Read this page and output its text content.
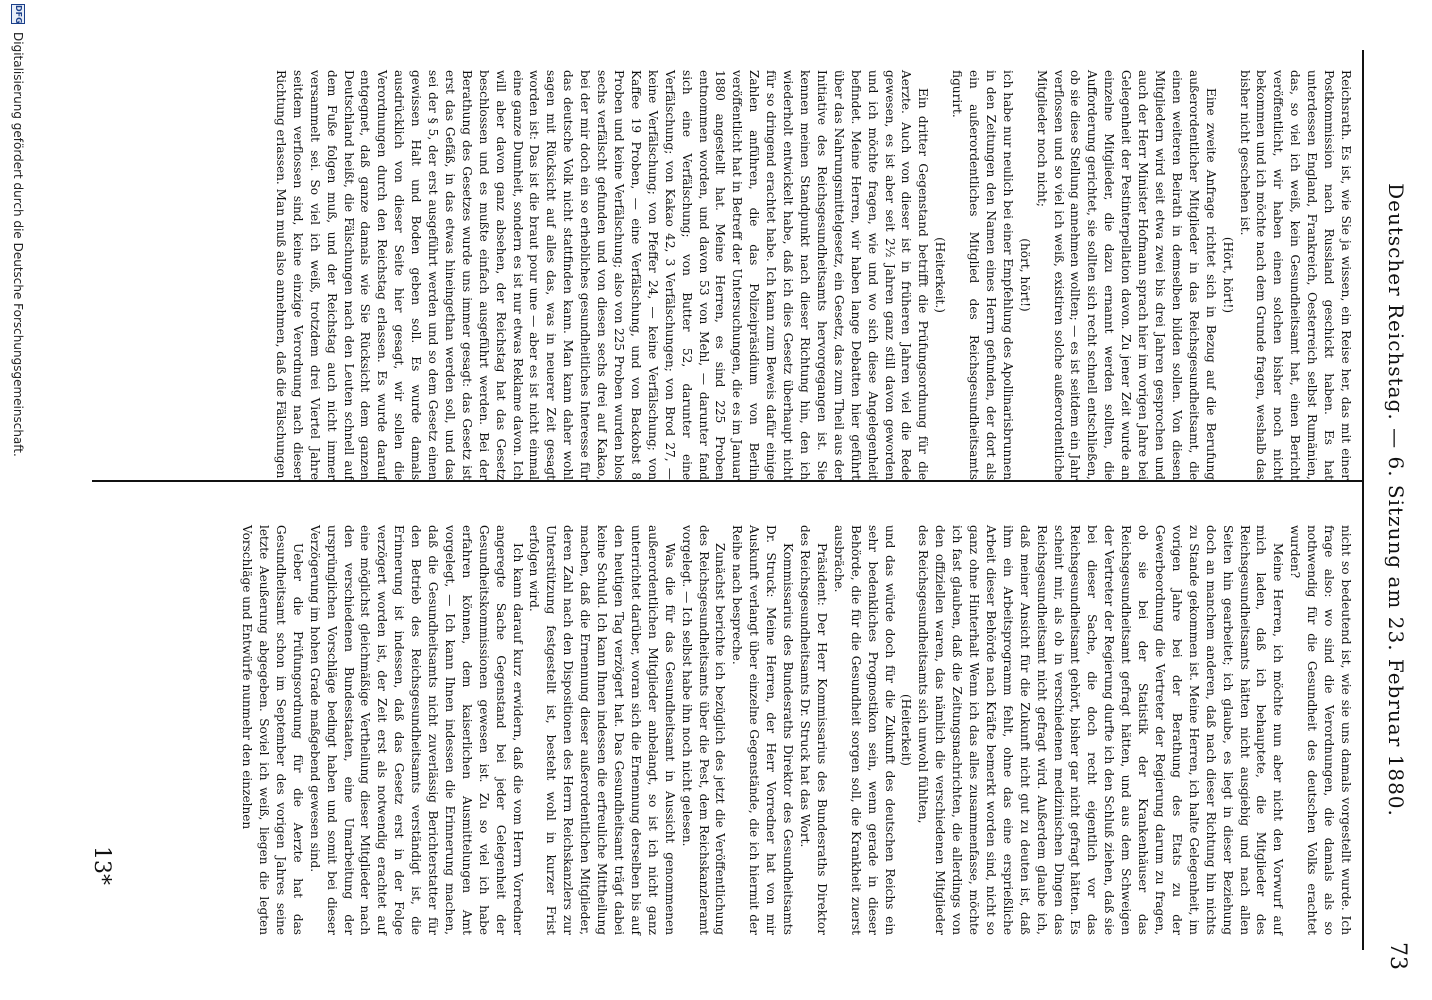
Deutscher Reichstag. — 6. Sitzung am 23. Februar 1880.
73

Reichsrath. Es ist, wie Sie ja wissen, ein Reise her, das mit einer Postkommission nach Russland geschickt haben. Es hat unterdessen England, Frankreich, Oesterreich selbst Rumänien, das, so viel ich weiß, kein Gesundheitsamt hat, einen Bericht veröffentlicht, wir haben einen solchen bisher noch nicht bekommen und ich möchte nach dem Grunde fragen, weshalb das bisher nicht geschehen ist.

(Hört, hört!)

Eine zweite Anfrage richtet sich in Bezug auf die Berufung außerordentlicher Mitglieder in das Reichsgesundheitsamt, die einen weiteren Beirath in demselben bilden sollen. Von diesen Mitgliedern wird seit etwa zwei bis drei Jahren gesprochen und auch der Herr Minister Hofmann sprach hier im vorigen Jahre bei Gelegenheit der Pestinterpellation davon. Zu jener Zeit wurde an einzelne Mitglieder, die dazu ernannt werden sollten, die Aufforderung gerichtet, sie sollten sich recht schnell entschließen, ob sie diese Stellung annehmen wollten; — es ist seitdem ein Jahr verflossen und so viel ich weiß, existiren solche außerordentliche Mitglieder noch nicht;

(hört, hört!)

ich habe nur neulich bei einer Empfehlung des Apollinarisbrunnen in den Zeitungen den Namen eines Herrn gefunden, der dort als ein außerordentliches Mitglied des Reichsgesundheitsamts figurirt.

(Heiterkeit.)

Ein dritter Gegenstand betrifft die Prüfungsordnung für die Aerzte. Auch von dieser ist in früheren Jahren viel die Rede gewesen, es ist aber seit 2½ Jahren ganz still davon geworden und ich möchte fragen, wie und wo sich diese Angelegenheit befindet. Meine Herren, wir haben lange Debatten hier geführt über das Nahrungsmittelgesetz, ein Gesetz, das zum Theil aus der Initiative des Reichsgesundheitsamts hervorgegangen ist. Sie kennen meinen Standpunkt nach dieser Richtung hin, den ich wiederholt entwickelt habe, daß ich dies Gesetz überhaupt nicht für so dringend erachtet habe. Ich kann zum Beweis dafür einige Zahlen anführen, die das Polizeipräsidium von Berlin veröffentlicht hat in Betreff der Untersuchungen, die es im Januar 1880 angestellt hat. Meine Herren, es sind 225 Proben entnommen worden, und davon 53 von Mehl, — darunter fand sich eine Verfälschung; von Butter 52, darunter eine Verfälschung; von Kakao 42, 3 Verfälschungen; von Brod 27, — keine Verfälschung; von Pfeffer 24, — keine Verfälschung; von Kaffee 19 Proben, — eine Verfälschung, und von Backobst 8 Proben und keine Verfälschung; also von 225 Proben wurden blos sechs verfälscht gefunden und von diesen sechs drei auf Kakao, bei der mir doch ein so erhebliches gesundheitliches Interesse für das deutsche Volk nicht stattfinden kann. Man kann daher wohl sagen mit Rücksicht auf alles das, was in neuerer Zeit gesagt worden ist: Das ist die braut pour une — aber es ist nicht einmal eine ganze Dumheit, sondern es ist nur etwas Reklame davon. Ich will aber davon ganz absehen, der Reichstag hat das Gesetz beschlossen und es mußte einfach ausgeführt werden. Bei der Berathung des Gesetzes wurde uns immer gesagt: das Gesetz ist erst das Gefäß, in das etwas hineingethan werden soll, und das sei der § 5, der erst ausgeführt werden und so dem Gesetz einen gewissen Halt und Boden geben soll. Es wurde damals ausdrücklich von dieser Seite hier gesagt, wir sollen die Verordnungen durch den Reichstag erlassen. Es wurde darauf entgegnet, daß ganze damals wie Sie Rücksicht dem ganzen Deutschland heißt, die Fälschungen nach den Leuten schnell auf dem Fuße folgen muß, und der Reichstag auch nicht immer versammelt sei. So viel ich weiß, trotzdem drei Viertel Jahre seitdem verflossen sind, keine einzige Verordnung nach dieser Richtung erlassen. Man muß also annehmen, daß die Fälschungen

nicht so bedeutend ist, wie sie uns damals vorgestellt wurde. Ich frage also: wo sind die Verordnungen, die damals als so nothwendig für die Gesundheit des deutschen Volks erachtet wurden?

Meine Herren, ich möchte nun aber nicht den Vorwurf auf mich laden, daß ich behauptete, die Mitglieder des Reichsgesundheitsamts hätten nicht ausgiebig und nach allen Seiten hin gearbeitet; ich glaube, es liegt in dieser Beziehung doch an manchem anderen, daß nach dieser Richtung hin nichts zu Stande gekommen ist. Meine Herren, ich halte Gelegenheit, im vorigen Jahre bei der Berathung des Etats zu der Gewerbeordnung die Vertreter der Regierung darum zu fragen, ob sie bei der Statistik der Krankenhäuser das Reichsgesundheitsamt gefragt hätten, und aus dem Schweigen der Vertreter der Regierung durfte ich den Schluß ziehen, daß sie bei dieser Sache, die doch recht eigentlich vor das Reichsgesundheitsamt gehört, bisher gar nicht gefragt hätten. Es scheint mir, als ob in verschiedenen medizinischen Dingen das Reichsgesundheitsamt nicht gefragt wird. Außerdem glaube ich, daß meiner Ansicht für die Zukunft nicht gut zu deuten ist, daß ihm ein Arbeitsprogramm fehlt, ohne das eine ersprießliche Arbeit dieser Behörde nach Kräfte bemerkt worden sind, nicht so ganz ohne Hinterhalt Wenn ich das alles zusammenfasse, möchte ich fast glauben, daß die Zeitungsnachrichten, die allerdings von den offiziellen waren, das nämlich die verschiedenen Mitglieder des Reichsgesundheitsamts sich unwohl fühlten,

(Heiterkeit)

und das würde doch für die Zukunft des deutschen Reichs ein sehr bedenkliches Prognostikon sein, wenn gerade in dieser Behörde, die für die Gesundheit sorgen soll, die Krankheit zuerst ausbräche.

Präsident: Der Herr Kommissarius des Bundesraths Direktor des Reichsgesundheitsamts Dr. Struck hat das Wort.

Kommissarius des Bundesraths Direktor des Gesundheitsamts Dr. Struck: Meine Herren, der Herr Vorredner hat von mir Auskunft verlangt über einzelne Gegenstände, die ich hiermit der Reihe nach bespreche.

Zunächst berichte ich bezüglich des jetzt die Veröffentlichung des Reichsgesundheitsamts über die Pest, dem Reichskanzleramt vorgelegt. — Ich selbst habe ihn noch nicht gelesen.

Was die für das Gesundheitsamt in Aussicht genommenen außerordentlichen Mitglieder anbelangt, so ist ich nicht ganz unterrichtet darüber, woran sich die Ernennung derselben bis auf den heutigen Tag verzögert hat. Das Gesundheitsamt trägt dabei keine Schuld. Ich kann Ihnen indessen die erfreuliche Mittheilung machen, daß die Ernennung dieser außerordentlichen Mitglieder, deren Zahl nach den Dispositionen des Herrn Reichskanzlers zur Unterstützung festgestellt ist, besteht wohl in kurzer Frist erfolgen wird.

Ich kann darauf kurz erwidern, daß die vom Herrn Vorredner angeregte Sache Gegenstand bei jeder Gelegenheit der Gesundheitskommissionen gewesen ist. Zu so viel ich habe erfahren können, dem kaiserlichen Ausmittelungen Amt vorgelegt, — Ich kann Ihnen indessen die Erinnerung machen, daß die Gesundheitsamts nicht zuverlässig Berichterstatter für den Betrieb des Reichsgesundheitsamts verständigt ist, die Erinnerung ist indessen, daß das Gesetz erst in der Folge verzögert worden ist, der Zeit erst als notwendig erachtet auf eine möglichst gleichmäßige Vertheilung dieser Mitglieder nach den verschiedenen Bundesstaaten, eine Umarbeitung der ursprünglichen Vorschläge bedingt haben und somit bei dieser Verzögerung im hohen Grade maßgebend gewesen sind.

Ueber die Prüfungsordnung für die Aerzte hat das Gesundheitsamt schon im September des vorigen Jahres seine letzte Aeußerung abgegeben. Soviel ich weiß, liegen die legten Vorschläge und Entwürfe nunmehr den einzelnen

13*
DFG
Digitalisierung gefördert durch die Deutsche Forschungsgemeinschaft.
